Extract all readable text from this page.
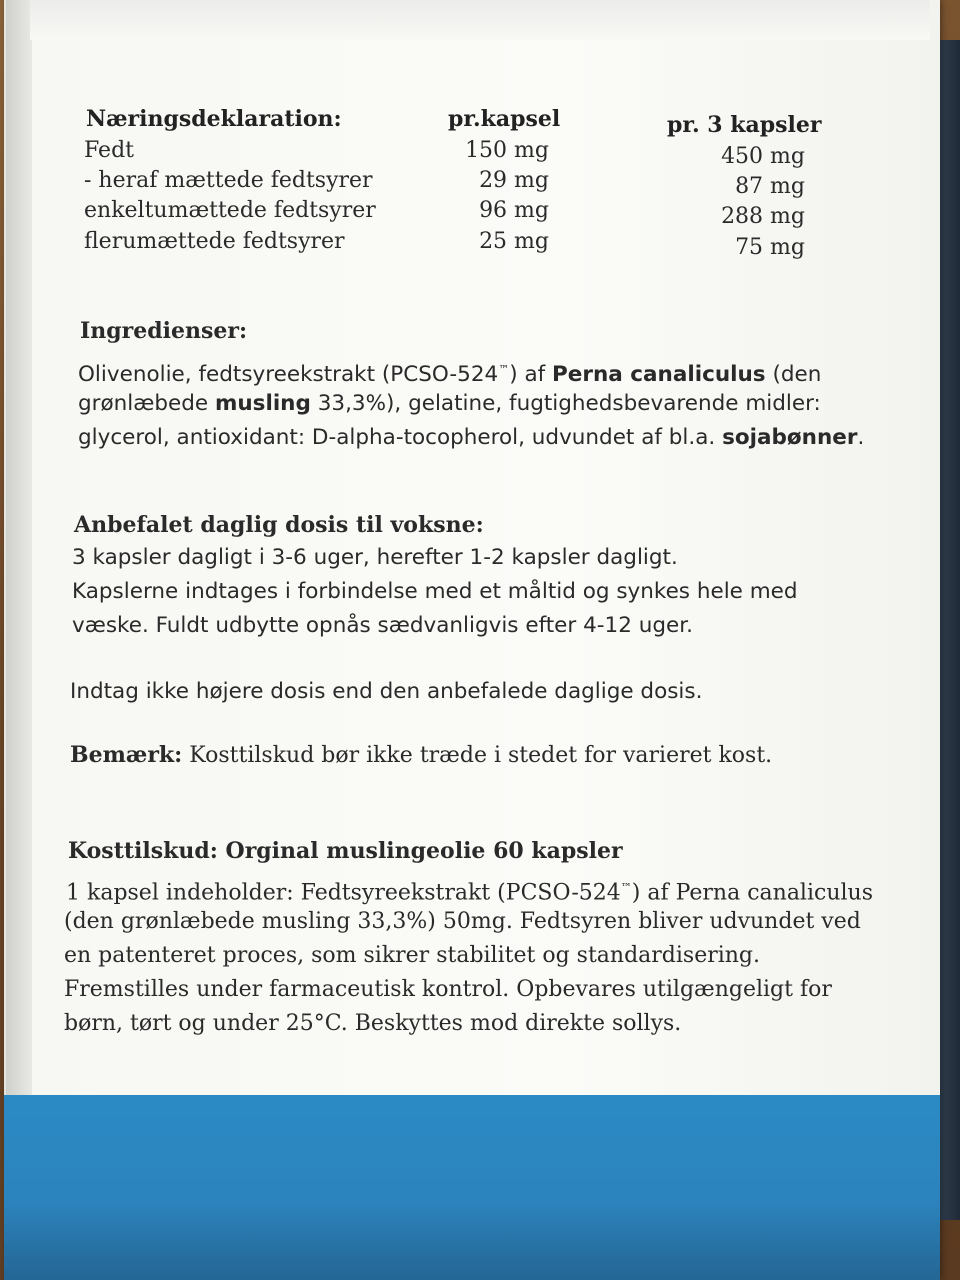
Næringsdeklaration:	pr.kapsel	pr. 3 kapsler
Fedt	150 mg	450 mg
- heraf mættede fedtsyrer	29 mg	87 mg
enkeltumættede fedtsyrer	96 mg	288 mg
flerumættede fedtsyrer	25 mg	75 mg
Ingredienser:
Olivenolie, fedtsyreekstrakt (PCSO-524™) af Perna canaliculus (den
grønlæbede musling 33,3%), gelatine, fugtighedsbevarende midler:
glycerol, antioxidant: D-alpha-tocopherol, udvundet af bl.a. sojabønner.
Anbefalet daglig dosis til voksne:
3 kapsler dagligt i 3-6 uger, herefter 1-2 kapsler dagligt.
Kapslerne indtages i forbindelse med et måltid og synkes hele med
væske. Fuldt udbytte opnås sædvanligvis efter 4-12 uger.
Indtag ikke højere dosis end den anbefalede daglige dosis.
Bemærk: Kosttilskud bør ikke træde i stedet for varieret kost.
Kosttilskud: Orginal muslingeolie 60 kapsler
1 kapsel indeholder: Fedtsyreekstrakt (PCSO-524™) af Perna canaliculus
(den grønlæbede musling 33,3%) 50mg. Fedtsyren bliver udvundet ved
en patenteret proces, som sikrer stabilitet og standardisering.
Fremstilles under farmaceutisk kontrol. Opbevares utilgængeligt for
børn, tørt og under 25°C. Beskyttes mod direkte sollys.
